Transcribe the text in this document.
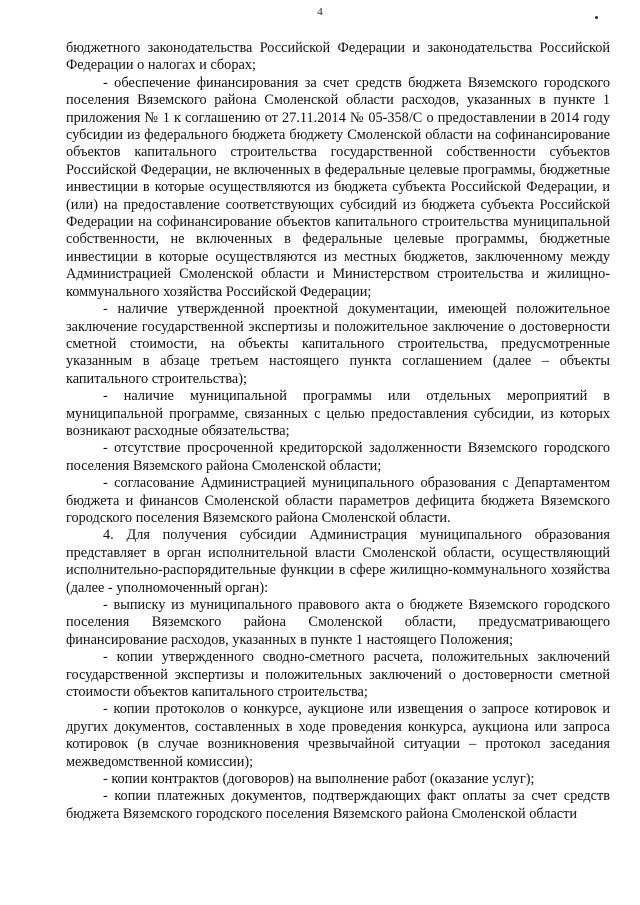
4

бюджетного законодательства Российской Федерации и законодательства Российской Федерации о налогах и сборах;

- обеспечение финансирования за счет средств бюджета Вяземского городского поселения Вяземского района Смоленской области расходов, указанных в пункте 1 приложения № 1 к соглашению от 27.11.2014 № 05-358/С о предоставлении в 2014 году субсидии из федерального бюджета бюджету Смоленской области на софинансирование объектов капитального строительства государственной собственности субъектов Российской Федерации, не включенных в федеральные целевые программы, бюджетные инвестиции в которые осуществляются из бюджета субъекта Российской Федерации, и (или) на предоставление соответствующих субсидий из бюджета субъекта Российской Федерации на софинансирование объектов капитального строительства муниципальной собственности, не включенных в федеральные целевые программы, бюджетные инвестиции в которые осуществляются из местных бюджетов, заключенному между Администрацией Смоленской области и Министерством строительства и жилищно-коммунального хозяйства Российской Федерации;

- наличие утвержденной проектной документации, имеющей положительное заключение государственной экспертизы и положительное заключение о достоверности сметной стоимости, на объекты капитального строительства, предусмотренные указанным в абзаце третьем настоящего пункта соглашением (далее – объекты капитального строительства);

- наличие муниципальной программы или отдельных мероприятий в муниципальной программе, связанных с целью предоставления субсидии, из которых возникают расходные обязательства;

- отсутствие просроченной кредиторской задолженности Вяземского городского поселения Вяземского района Смоленской области;

- согласование Администрацией муниципального образования с Департаментом бюджета и финансов Смоленской области параметров дефицита бюджета Вяземского городского поселения Вяземского района Смоленской области.

4. Для получения субсидии Администрация муниципального образования представляет в орган исполнительной власти Смоленской области, осуществляющий исполнительно-распорядительные функции в сфере жилищно-коммунального хозяйства (далее - уполномоченный орган):

- выписку из муниципального правового акта о бюджете Вяземского городского поселения Вяземского района Смоленской области, предусматривающего финансирование расходов, указанных в пункте 1 настоящего Положения;

- копии утвержденного сводно-сметного расчета, положительных заключений государственной экспертизы и положительных заключений о достоверности сметной стоимости объектов капитального строительства;

- копии протоколов о конкурсе, аукционе или извещения о запросе котировок и других документов, составленных в ходе проведения конкурса, аукциона или запроса котировок (в случае возникновения чрезвычайной ситуации – протокол заседания межведомственной комиссии);

- копии контрактов (договоров) на выполнение работ (оказание услуг);

- копии платежных документов, подтверждающих факт оплаты за счет средств бюджета Вяземского городского поселения Вяземского района Смоленской области
